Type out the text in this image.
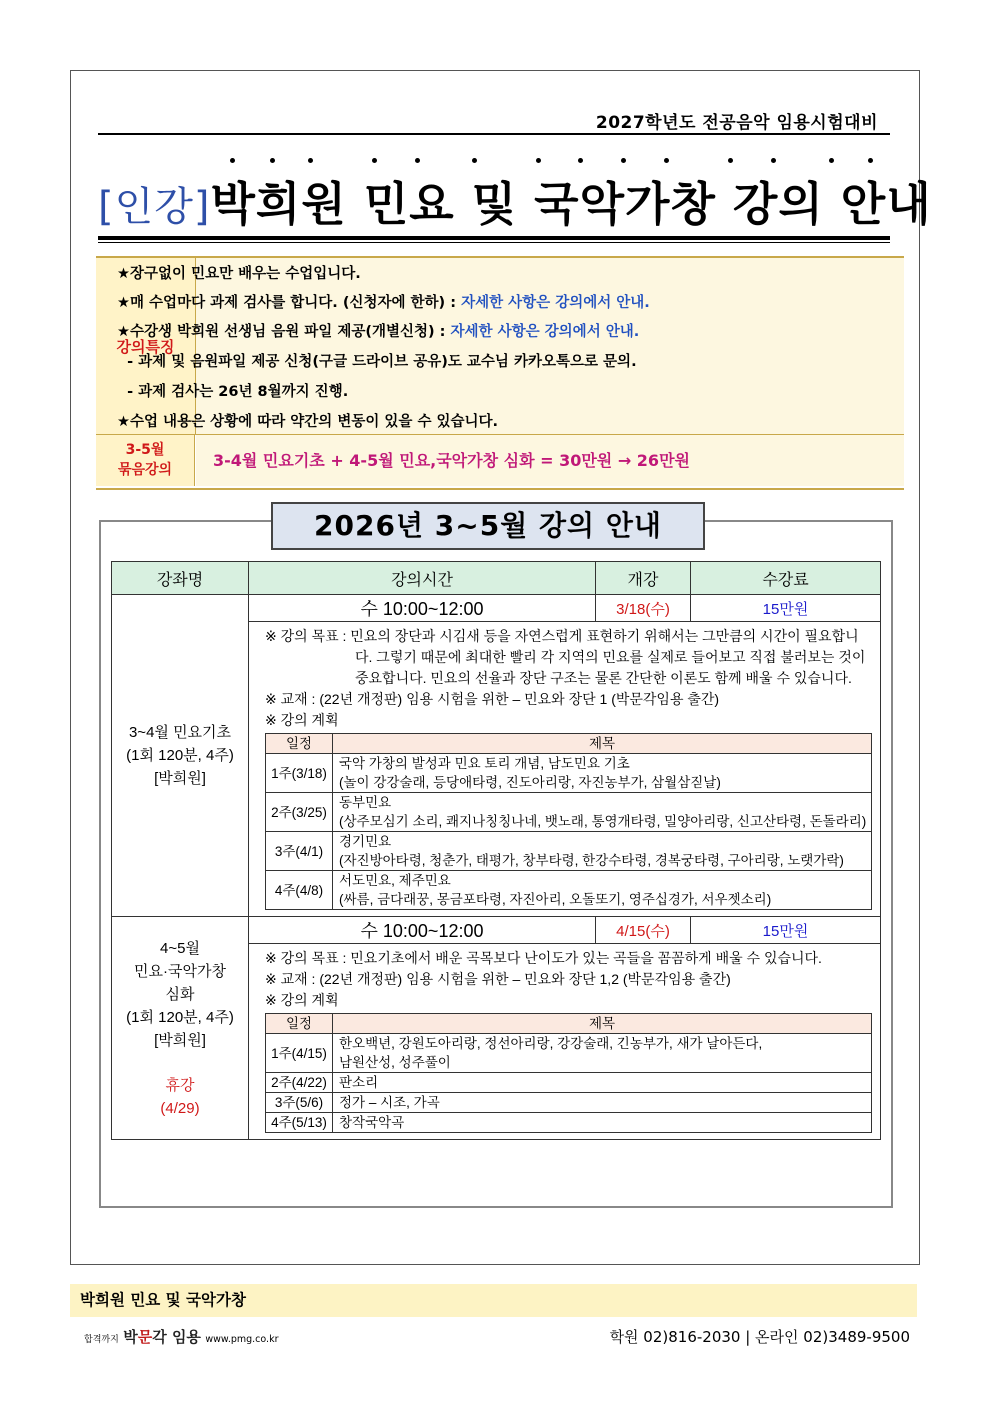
2027학년도 전공음악 임용시험대비
[인강]박희원 민요 및 국악가창 강의 안내
강의특징
3-5월
묶음강의	3-4월 민요기초 + 4-5월 민요,국악가창 심화 = 30만원 → 26만원
★장구없이 민요만 배우는 수업입니다.
★매 수업마다 과제 검사를 합니다. (신청자에 한하) : 자세한 사항은 강의에서 안내.
★수강생 박희원 선생님 음원 파일 제공(개별신청) : 자세한 사항은 강의에서 안내.
- 과제 및 음원파일 제공 신청(구글 드라이브 공유)도 교수님 카카오톡으로 문의.
- 과제 검사는 26년 8월까지 진행.
★수업 내용은 상황에 따라 약간의 변동이 있을 수 있습니다.
2026년 3~5월 강의 안내
강좌명	강의시간	개강	수강료

3~4월 민요기초
(1회 120분, 4주)
[박희원]
	수 10:00~12:00	3/18(수)	15만원

※ 강의 목표 : 민요의 장단과 시김새 등을 자연스럽게 표현하기 위해서는 그만큼의 시간이 필요합니
다. 그렇기 때문에 최대한 빨리 각 지역의 민요를 실제로 들어보고 직접 불러보는 것이
중요합니다. 민요의 선율과 장단 구조는 물론 간단한 이론도 함께 배울 수 있습니다.
※ 교재 : (22년 개정판) 임용 시험을 위한 – 민요와 장단 1 (박문각임용 출간)
※ 강의 계획
일정	제목
1주(3/18)	
국악 가창의 발성과 민요 토리 개념, 남도민요 기초
(놀이 강강술래, 등당애타령, 진도아리랑, 자진농부가, 삼월삼짇날)

2주(3/25)	
동부민요
(상주모심기 소리, 쾌지나칭칭나네, 뱃노래, 통영개타령, 밀양아리랑, 신고산타령, 돈돌라리)

3주(4/1)	
경기민요
(자진방아타령, 청춘가, 태평가, 창부타령, 한강수타령, 경복궁타령, 구아리랑, 노랫가락)

4주(4/8)	
서도민요, 제주민요
(싸름, 금다래꿍, 몽금포타령, 자진아리, 오돌또기, 영주십경가, 서우젯소리)

4~5월
민요·국악가창
심화
(1회 120분, 4주)
[박희원]
휴강
(4/29)
	수 10:00~12:00	4/15(수)	15만원

※ 강의 목표 : 민요기초에서 배운 곡목보다 난이도가 있는 곡들을 꼼꼼하게 배울 수 있습니다.
※ 교재 : (22년 개정판) 임용 시험을 위한 – 민요와 장단 1,2 (박문각임용 출간)
※ 강의 계획
일정	제목
1주(4/15)	
한오백년, 강원도아리랑, 정선아리랑, 강강술래, 긴농부가, 새가 날아든다,
남원산성, 성주풀이

2주(4/22)	판소리
3주(5/6)	정가 – 시조, 가곡
4주(5/13)	창작국악곡
박희원 민요 및 국악가창
합격까지 박문각 임용 www.pmg.co.kr	학원 02)816-2030 | 온라인 02)3489-9500
